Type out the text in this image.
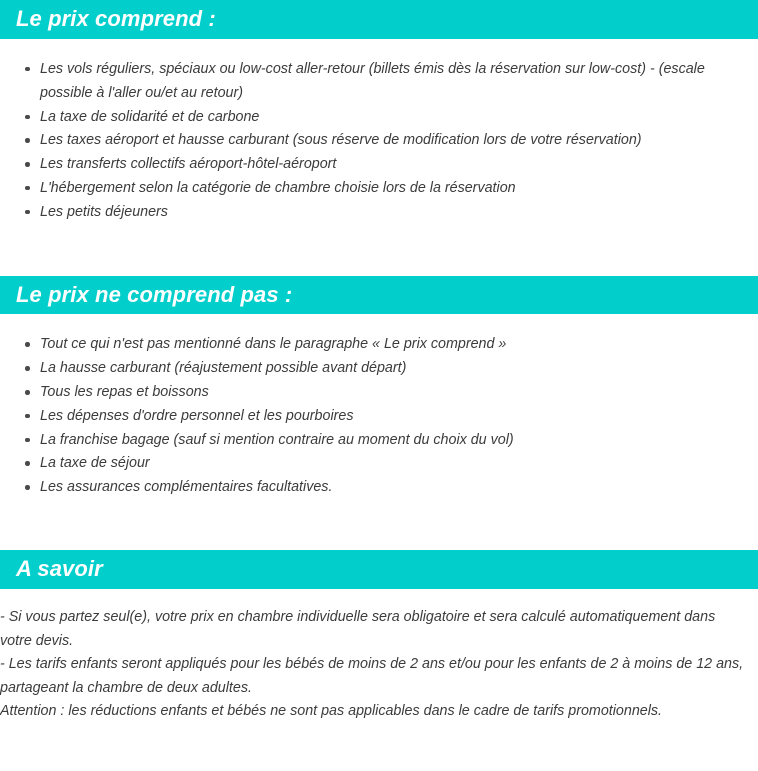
Le prix comprend :
Les vols réguliers, spéciaux ou low-cost aller-retour (billets émis dès la réservation sur low-cost) - (escale possible à l'aller ou/et au retour)
La taxe de solidarité et de carbone
Les taxes aéroport et hausse carburant (sous réserve de modification lors de votre réservation)
Les transferts collectifs aéroport-hôtel-aéroport
L'hébergement selon la catégorie de chambre choisie lors de la réservation
Les petits déjeuners
Le prix ne comprend pas :
Tout ce qui n'est pas mentionné dans le paragraphe « Le prix comprend »
La hausse carburant (réajustement possible avant départ)
Tous les repas et boissons
Les dépenses d'ordre personnel et les pourboires
La franchise bagage (sauf si mention contraire au moment du choix du vol)
La taxe de séjour
Les assurances complémentaires facultatives.
A savoir

- Si vous partez seul(e), votre prix en chambre individuelle sera obligatoire et sera calculé automatiquement dans votre devis.

- Les tarifs enfants seront appliqués pour les bébés de moins de 2 ans et/ou pour les enfants de 2 à moins de 12 ans, partageant la chambre de deux adultes.

Attention : les réductions enfants et bébés ne sont pas applicables dans le cadre de tarifs promotionnels.
